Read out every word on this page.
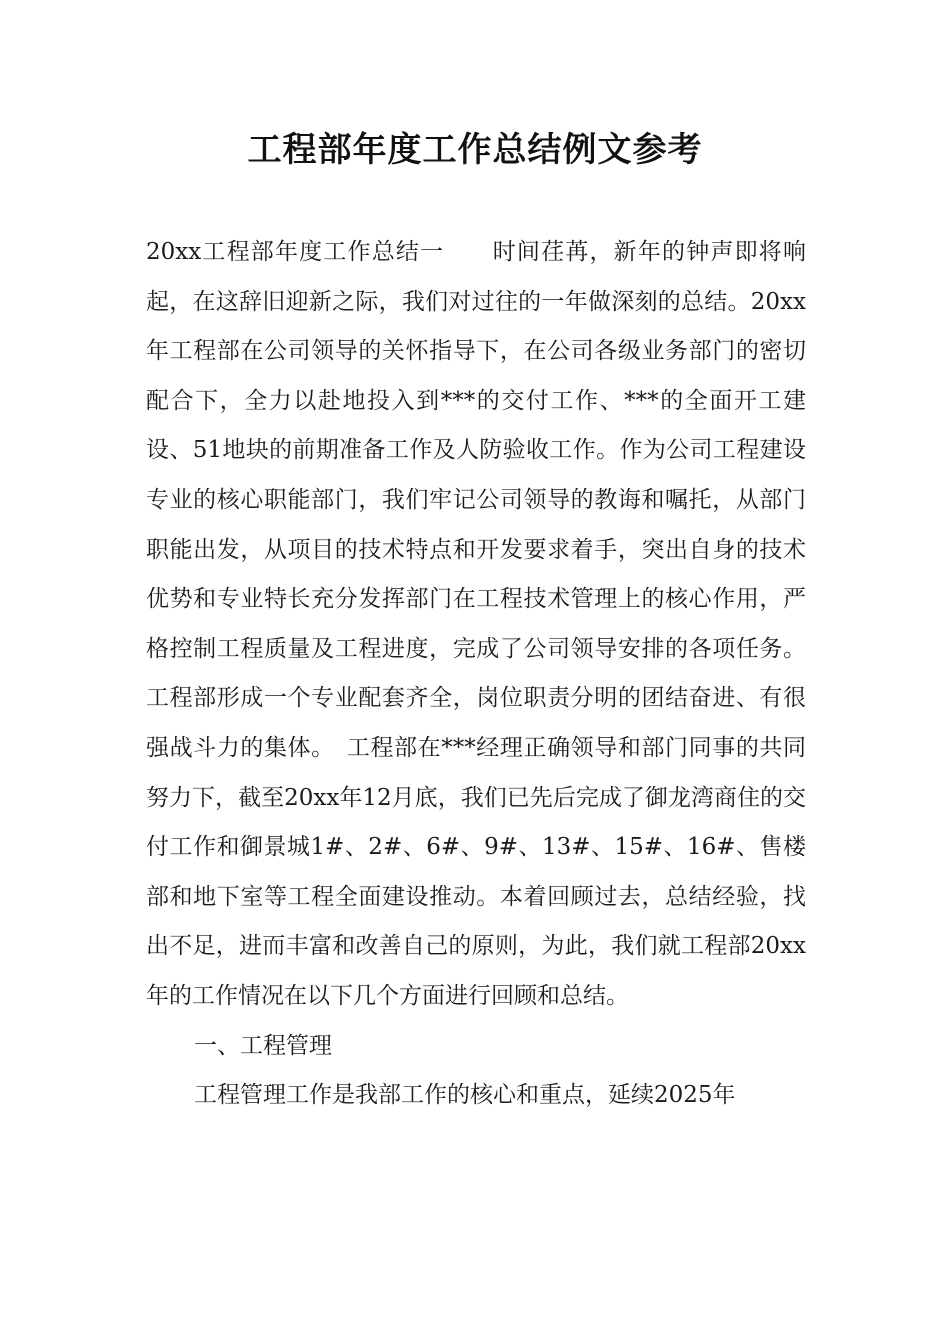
工程部年度工作总结例文参考

20xx工程部年度工作总结一　　时间荏苒，新年的钟声即将响起，在这辞旧迎新之际，我们对过往的一年做深刻的总结。20xx年工程部在公司领导的关怀指导下，在公司各级业务部门的密切配合下，全力以赴地投入到***的交付工作、***的全面开工建设、51地块的前期准备工作及人防验收工作。作为公司工程建设专业的核心职能部门，我们牢记公司领导的教诲和嘱托，从部门职能出发，从项目的技术特点和开发要求着手，突出自身的技术优势和专业特长充分发挥部门在工程技术管理上的核心作用，严格控制工程质量及工程进度，完成了公司领导安排的各项任务。工程部形成一个专业配套齐全，岗位职责分明的团结奋进、有很强战斗力的集体。　工程部在***经理正确领导和部门同事的共同努力下，截至20xx年12月底，我们已先后完成了御龙湾商住的交付工作和御景城1#、2#、6#、9#、13#、15#、16#、售楼部和地下室等工程全面建设推动。本着回顾过去，总结经验，找出不足，进而丰富和改善自己的原则，为此，我们就工程部20xx年的工作情况在以下几个方面进行回顾和总结。

一、工程管理

工程管理工作是我部工作的核心和重点，延续2025年
